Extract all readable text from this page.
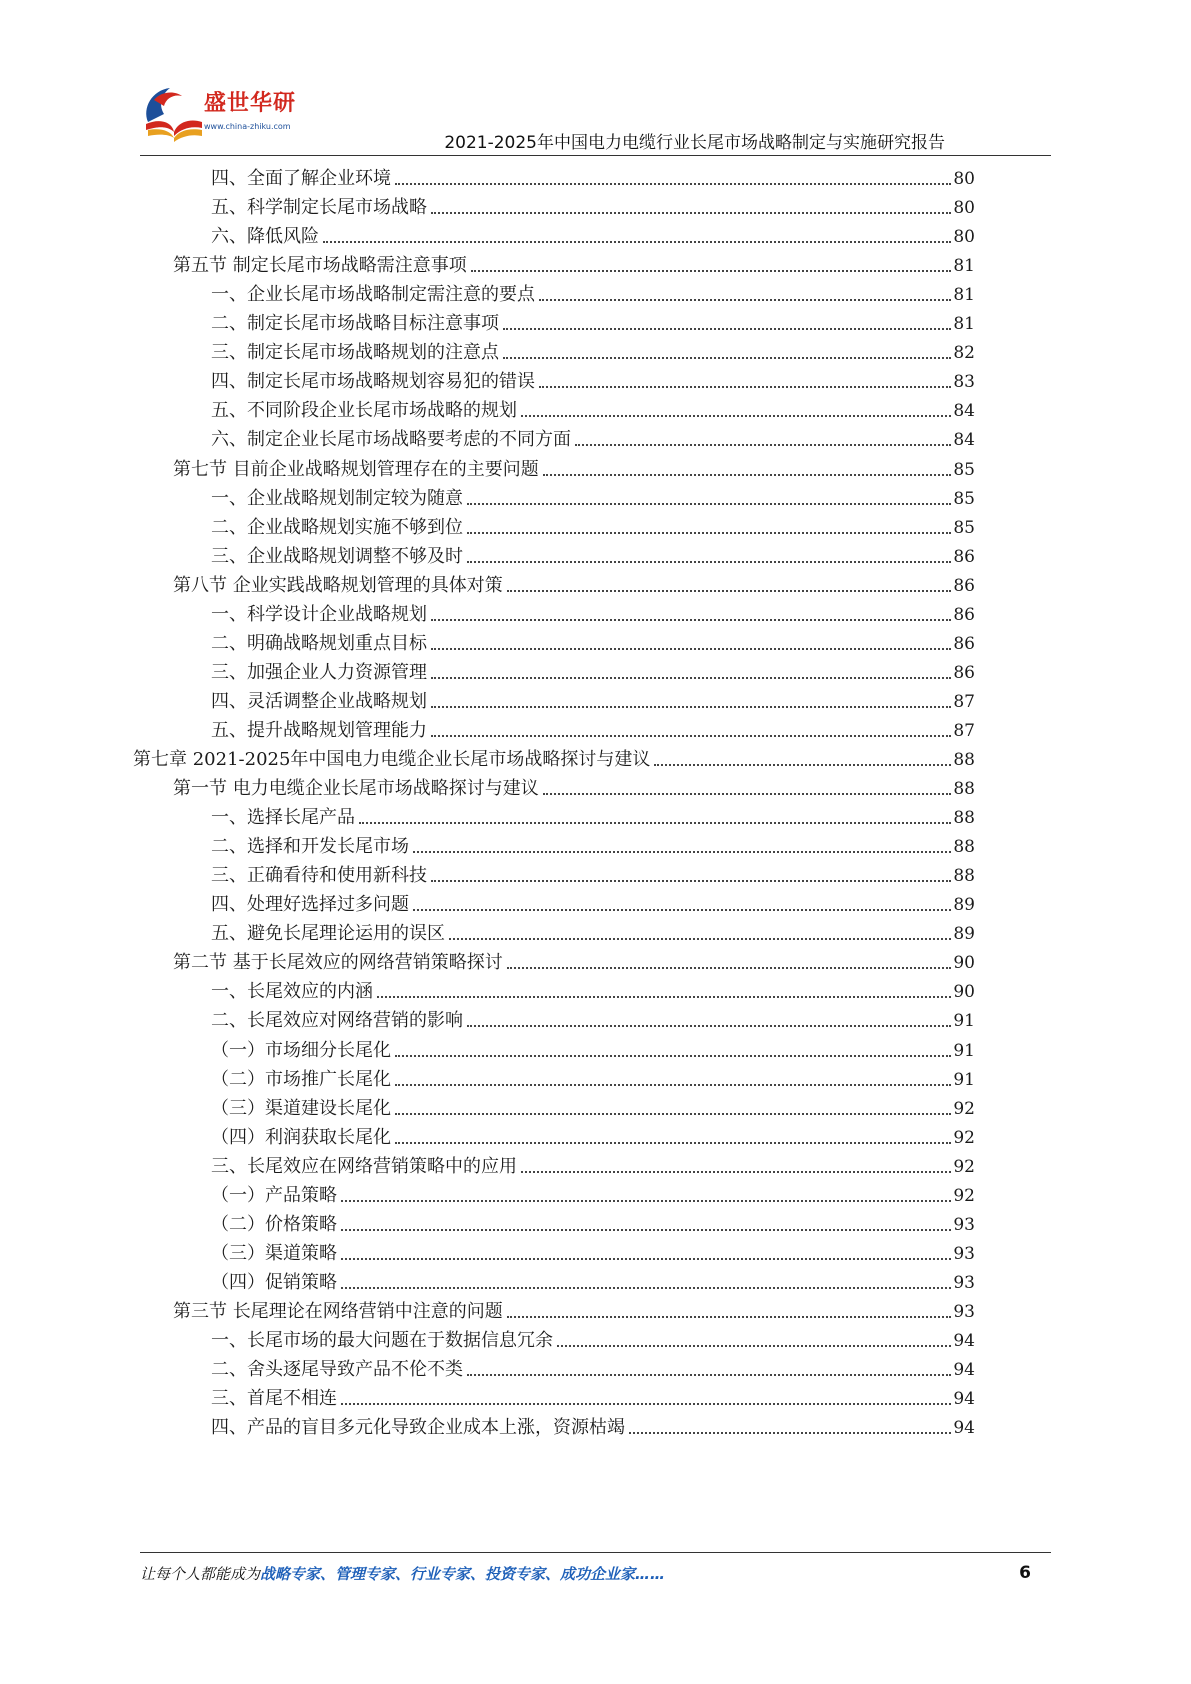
盛世华研
www.china-zhiku.com
2021-2025年中国电力电缆行业长尾市场战略制定与实施研究报告
四、全面了解企业环境	80
五、科学制定长尾市场战略	80
六、降低风险	80
第五节 制定长尾市场战略需注意事项	81
一、企业长尾市场战略制定需注意的要点	81
二、制定长尾市场战略目标注意事项	81
三、制定长尾市场战略规划的注意点	82
四、制定长尾市场战略规划容易犯的错误	83
五、不同阶段企业长尾市场战略的规划	84
六、制定企业长尾市场战略要考虑的不同方面	84
第七节 目前企业战略规划管理存在的主要问题	85
一、企业战略规划制定较为随意	85
二、企业战略规划实施不够到位	85
三、企业战略规划调整不够及时	86
第八节 企业实践战略规划管理的具体对策	86
一、科学设计企业战略规划	86
二、明确战略规划重点目标	86
三、加强企业人力资源管理	86
四、灵活调整企业战略规划	87
五、提升战略规划管理能力	87
第七章 2021-2025年中国电力电缆企业长尾市场战略探讨与建议	88
第一节 电力电缆企业长尾市场战略探讨与建议	88
一、选择长尾产品	88
二、选择和开发长尾市场	88
三、正确看待和使用新科技	88
四、处理好选择过多问题	89
五、避免长尾理论运用的误区	89
第二节 基于长尾效应的网络营销策略探讨	90
一、长尾效应的内涵	90
二、长尾效应对网络营销的影响	91
（一）市场细分长尾化	91
（二）市场推广长尾化	91
（三）渠道建设长尾化	92
（四）利润获取长尾化	92
三、长尾效应在网络营销策略中的应用	92
（一）产品策略	92
（二）价格策略	93
（三）渠道策略	93
（四）促销策略	93
第三节 长尾理论在网络营销中注意的问题	93
一、长尾市场的最大问题在于数据信息冗余	94
二、舍头逐尾导致产品不伦不类	94
三、首尾不相连	94
四、产品的盲目多元化导致企业成本上涨，资源枯竭	94
让每个人都能成为战略专家、管理专家、行业专家、投资专家、成功企业家……	6
